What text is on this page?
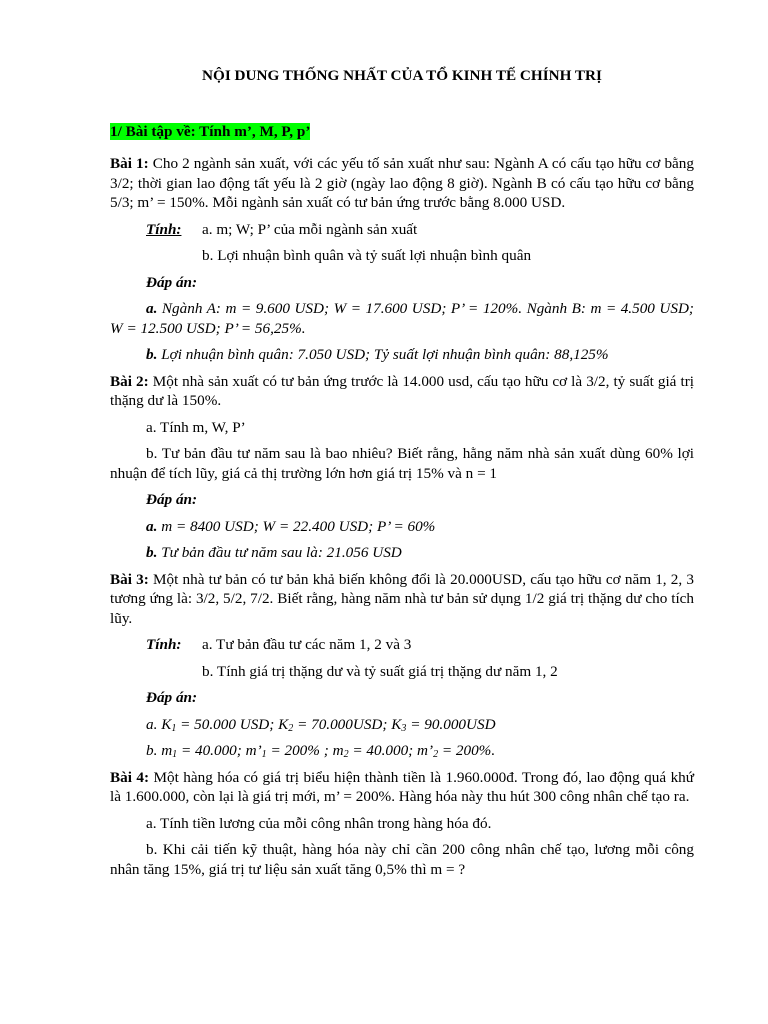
NỘI DUNG THỐNG NHẤT CỦA TỔ KINH TẾ CHÍNH TRỊ
1/ Bài tập về: Tính m’, M, P, p’

Bài 1: Cho 2 ngành sản xuất, với các yếu tố sản xuất như sau: Ngành A có cấu tạo hữu cơ bằng 3/2; thời gian lao động tất yếu là 2 giờ (ngày lao động 8 giờ). Ngành B có cấu tạo hữu cơ bằng 5/3; m’ = 150%. Mỗi ngành sản xuất có tư bản ứng trước bằng 8.000 USD.

Tính: a. m; W; P’ của mỗi ngành sản xuất

b. Lợi nhuận bình quân và tỷ suất lợi nhuận bình quân

Đáp án:

a. Ngành A: m = 9.600 USD; W = 17.600 USD; P’ = 120%. Ngành B: m = 4.500 USD; W = 12.500 USD; P’ = 56,25%.

b. Lợi nhuận bình quân: 7.050 USD; Tỷ suất lợi nhuận bình quân: 88,125%

Bài 2: Một nhà sản xuất có tư bản ứng trước là 14.000 usd, cấu tạo hữu cơ là 3/2, tỷ suất giá trị thặng dư là 150%.

a. Tính m, W, P’

b. Tư bản đầu tư năm sau là bao nhiêu? Biết rằng, hằng năm nhà sản xuất dùng 60% lợi nhuận để tích lũy, giá cả thị trường lớn hơn giá trị 15% và n = 1

Đáp án:

a. m = 8400 USD; W = 22.400 USD; P’ = 60%

b. Tư bản đầu tư năm sau là: 21.056 USD

Bài 3: Một nhà tư bản có tư bản khả biến không đổi là 20.000USD, cấu tạo hữu cơ năm 1, 2, 3 tương ứng là: 3/2, 5/2, 7/2. Biết rằng, hàng năm nhà tư bản sử dụng 1/2 giá trị thặng dư cho tích lũy.

Tính: a. Tư bản đầu tư các năm 1, 2 và 3

b. Tính giá trị thặng dư và tỷ suất giá trị thặng dư năm 1, 2

Đáp án:

a. $K_1 = 50.000$ USD; $K_2 = 70.000USD$; $K_3 = 90.000USD$

b. $m_1 = 40.000$; $m’_1 = 200\%$ ; $m_2 = 40.000$; $m’_2 = 200\%$.

Bài 4: Một hàng hóa có giá trị biểu hiện thành tiền là 1.960.000đ. Trong đó, lao động quá khứ là 1.600.000, còn lại là giá trị mới, m’ = 200%. Hàng hóa này thu hút 300 công nhân chế tạo ra.

a. Tính tiền lương của mỗi công nhân trong hàng hóa đó.

b. Khi cải tiến kỹ thuật, hàng hóa này chỉ cần 200 công nhân chế tạo, lương mỗi công nhân tăng 15%, giá trị tư liệu sản xuất tăng 0,5% thì m = ?
